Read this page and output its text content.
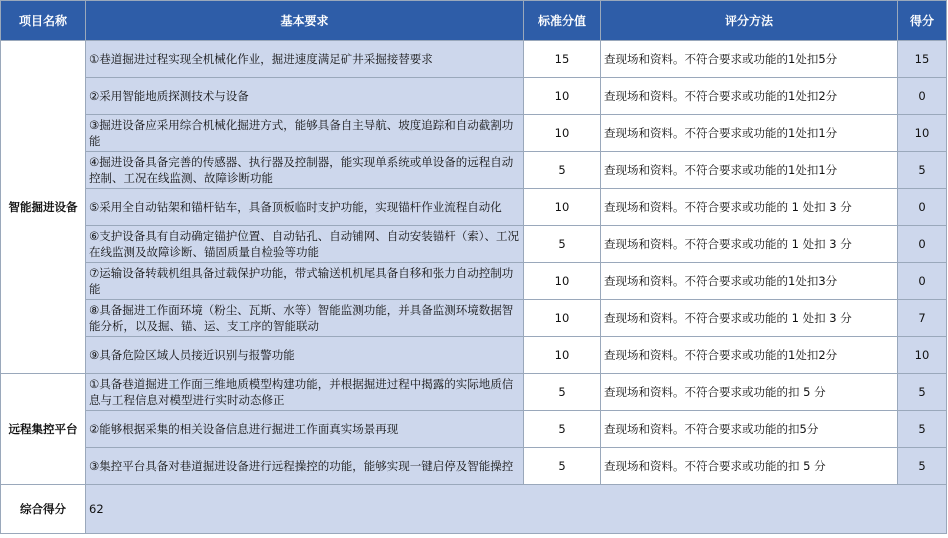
项目名称	基本要求	标准分值	评分方法	得分
智能掘进设备	①巷道掘进过程实现全机械化作业，掘进速度满足矿井采掘接替要求	15	查现场和资料。不符合要求或功能的1处扣5分	15
	②采用智能地质探测技术与设备	10	查现场和资料。不符合要求或功能的1处扣2分	0
	③掘进设备应采用综合机械化掘进方式，能够具备自主导航、坡度追踪和自动截割功能	10	查现场和资料。不符合要求或功能的1处扣1分	10
	④掘进设备具备完善的传感器、执行器及控制器，能实现单系统或单设备的远程自动控制、工况在线监测、故障诊断功能	5	查现场和资料。不符合要求或功能的1处扣1分	5
	⑤采用全自动钻架和锚杆钻车，具备顶板临时支护功能，实现锚杆作业流程自动化	10	查现场和资料。不符合要求或功能的 1 处扣 3 分	0
	⑥支护设备具有自动确定锚护位置、自动钻孔、自动铺网、自动安装锚杆（索）、工况在线监测及故障诊断、锚固质量自检验等功能	5	查现场和资料。不符合要求或功能的 1 处扣 3 分	0
	⑦运输设备转载机组具备过载保护功能，带式输送机机尾具备自移和张力自动控制功能	10	查现场和资料。不符合要求或功能的1处扣3分	0
	⑧具备掘进工作面环境（粉尘、瓦斯、水等）智能监测功能，并具备监测环境数据智能分析，以及掘、锚、运、支工序的智能联动	10	查现场和资料。不符合要求或功能的 1 处扣 3 分	7
	⑨具备危险区域人员接近识别与报警功能	10	查现场和资料。不符合要求或功能的1处扣2分	10
远程集控平台	①具备巷道掘进工作面三维地质模型构建功能，并根据掘进过程中揭露的实际地质信息与工程信息对模型进行实时动态修正	5	查现场和资料。不符合要求或功能的扣 5 分	5
	②能够根据采集的相关设备信息进行掘进工作面真实场景再现	5	查现场和资料。不符合要求或功能的扣5分	5
	③集控平台具备对巷道掘进设备进行远程操控的功能，能够实现一键启停及智能操控	5	查现场和资料。不符合要求或功能的扣 5 分	5
综合得分	62			
